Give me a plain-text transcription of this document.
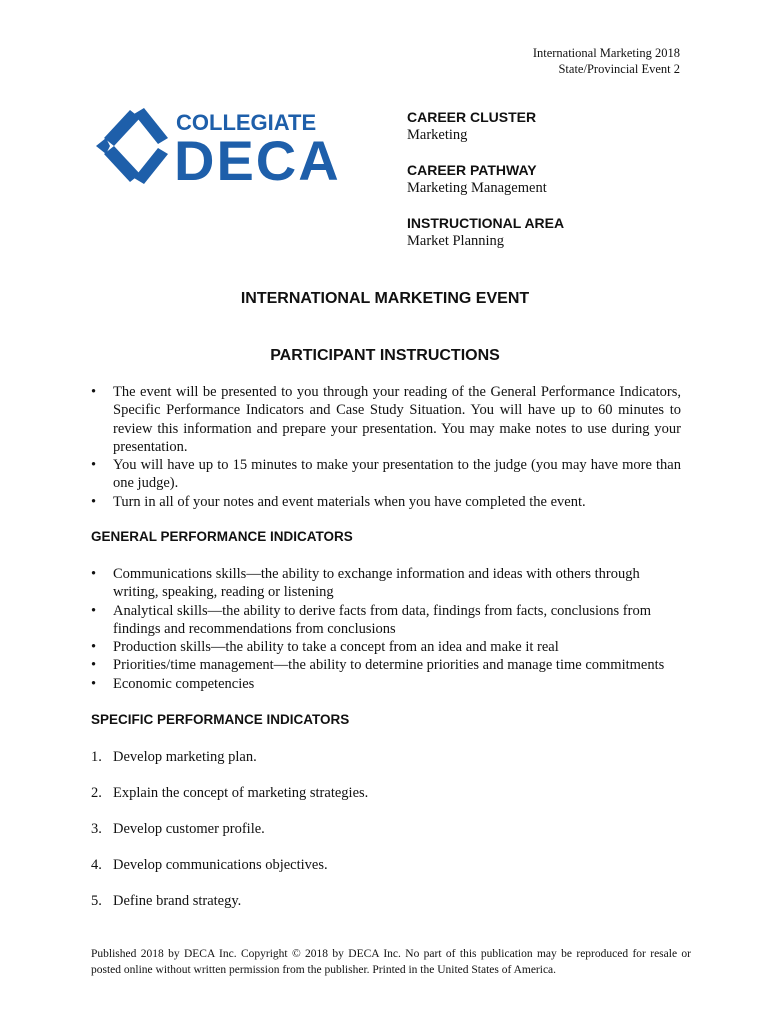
International Marketing 2018
State/Provincial Event 2
COLLEGIATE
DECA
CAREER CLUSTER
Marketing
CAREER PATHWAY
Marketing Management
INSTRUCTIONAL AREA
Market Planning
INTERNATIONAL MARKETING EVENT
PARTICIPANT INSTRUCTIONS
• The event will be presented to you through your reading of the General Performance Indicators, Specific Performance Indicators and Case Study Situation. You will have up to 60 minutes to review this information and prepare your presentation. You may make notes to use during your presentation.
• You will have up to 15 minutes to make your presentation to the judge (you may have more than one judge).
• Turn in all of your notes and event materials when you have completed the event.
GENERAL PERFORMANCE INDICATORS
• Communications skills—the ability to exchange information and ideas with others through writing, speaking, reading or listening
• Analytical skills—the ability to derive facts from data, findings from facts, conclusions from findings and recommendations from conclusions
• Production skills—the ability to take a concept from an idea and make it real
• Priorities/time management—the ability to determine priorities and manage time commitments
• Economic competencies
SPECIFIC PERFORMANCE INDICATORS
1. Develop marketing plan.
2. Explain the concept of marketing strategies.
3. Develop customer profile.
4. Develop communications objectives.
5. Define brand strategy.
Published 2018 by DECA Inc. Copyright © 2018 by DECA Inc. No part of this publication may be reproduced for resale or posted online without written permission from the publisher. Printed in the United States of America.
